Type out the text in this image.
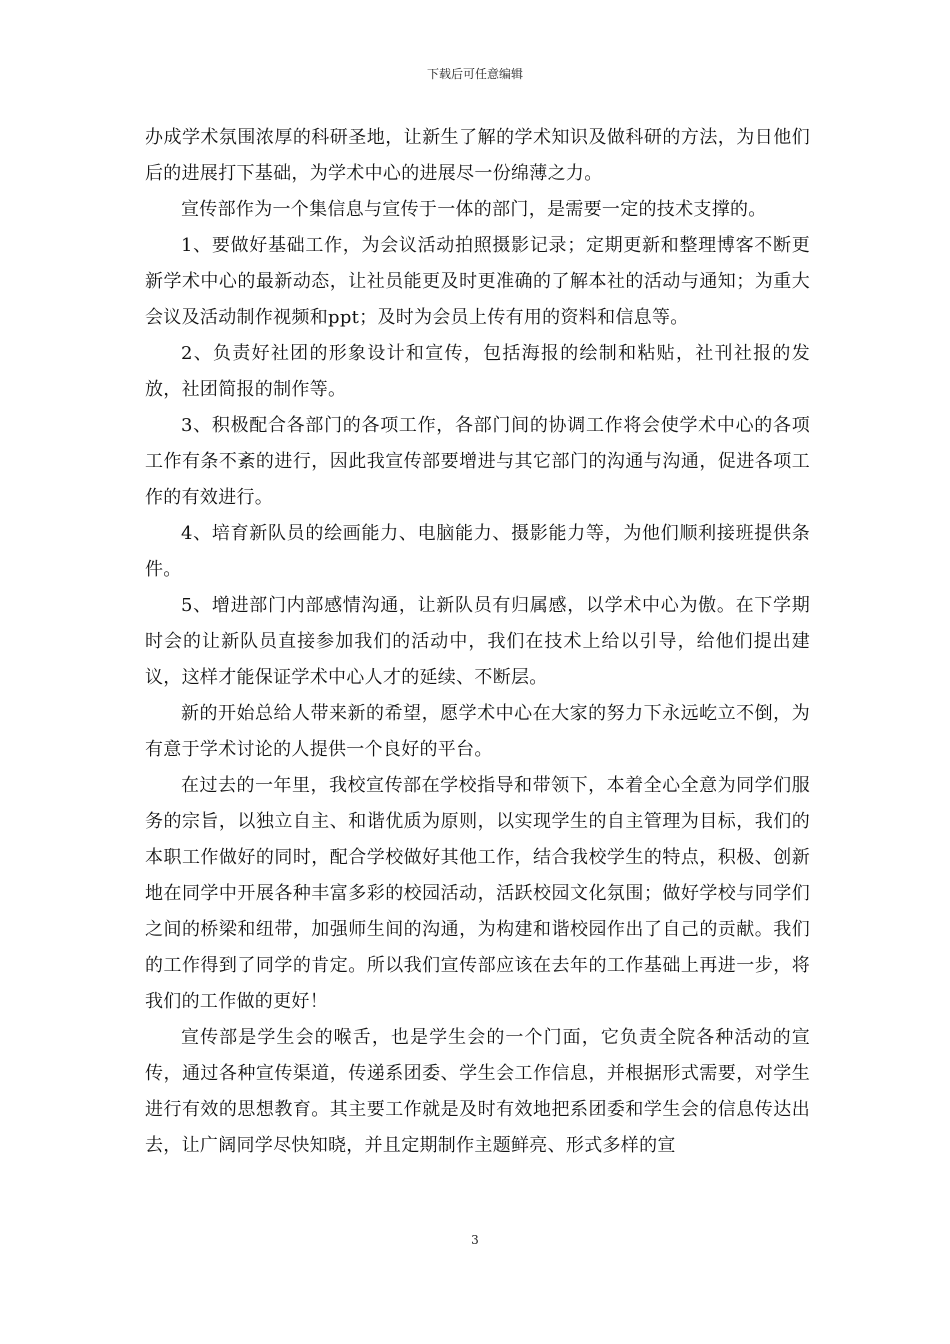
下载后可任意编辑

办成学术氛围浓厚的科研圣地，让新生了解的学术知识及做科研的方法，为日他们后的进展打下基础，为学术中心的进展尽一份绵薄之力。

宣传部作为一个集信息与宣传于一体的部门，是需要一定的技术支撑的。

1、要做好基础工作，为会议活动拍照摄影记录；定期更新和整理博客不断更新学术中心的最新动态，让社员能更及时更准确的了解本社的活动与通知；为重大会议及活动制作视频和ppt；及时为会员上传有用的资料和信息等。

2、负责好社团的形象设计和宣传，包括海报的绘制和粘贴，社刊社报的发放，社团简报的制作等。

3、积极配合各部门的各项工作，各部门间的协调工作将会使学术中心的各项工作有条不紊的进行，因此我宣传部要增进与其它部门的沟通与沟通，促进各项工作的有效进行。

4、培育新队员的绘画能力、电脑能力、摄影能力等，为他们顺利接班提供条件。

5、增进部门内部感情沟通，让新队员有归属感，以学术中心为傲。在下学期时会的让新队员直接参加我们的活动中，我们在技术上给以引导，给他们提出建议，这样才能保证学术中心人才的延续、不断层。

新的开始总给人带来新的希望，愿学术中心在大家的努力下永远屹立不倒，为有意于学术讨论的人提供一个良好的平台。

在过去的一年里，我校宣传部在学校指导和带领下，本着全心全意为同学们服务的宗旨，以独立自主、和谐优质为原则，以实现学生的自主管理为目标，我们的本职工作做好的同时，配合学校做好其他工作，结合我校学生的特点，积极、创新地在同学中开展各种丰富多彩的校园活动，活跃校园文化氛围；做好学校与同学们之间的桥梁和纽带，加强师生间的沟通，为构建和谐校园作出了自己的贡献。我们的工作得到了同学的肯定。所以我们宣传部应该在去年的工作基础上再进一步，将我们的工作做的更好！

宣传部是学生会的喉舌，也是学生会的一个门面，它负责全院各种活动的宣传，通过各种宣传渠道，传递系团委、学生会工作信息，并根据形式需要，对学生进行有效的思想教育。其主要工作就是及时有效地把系团委和学生会的信息传达出去，让广阔同学尽快知晓，并且定期制作主题鲜亮、形式多样的宣

3
